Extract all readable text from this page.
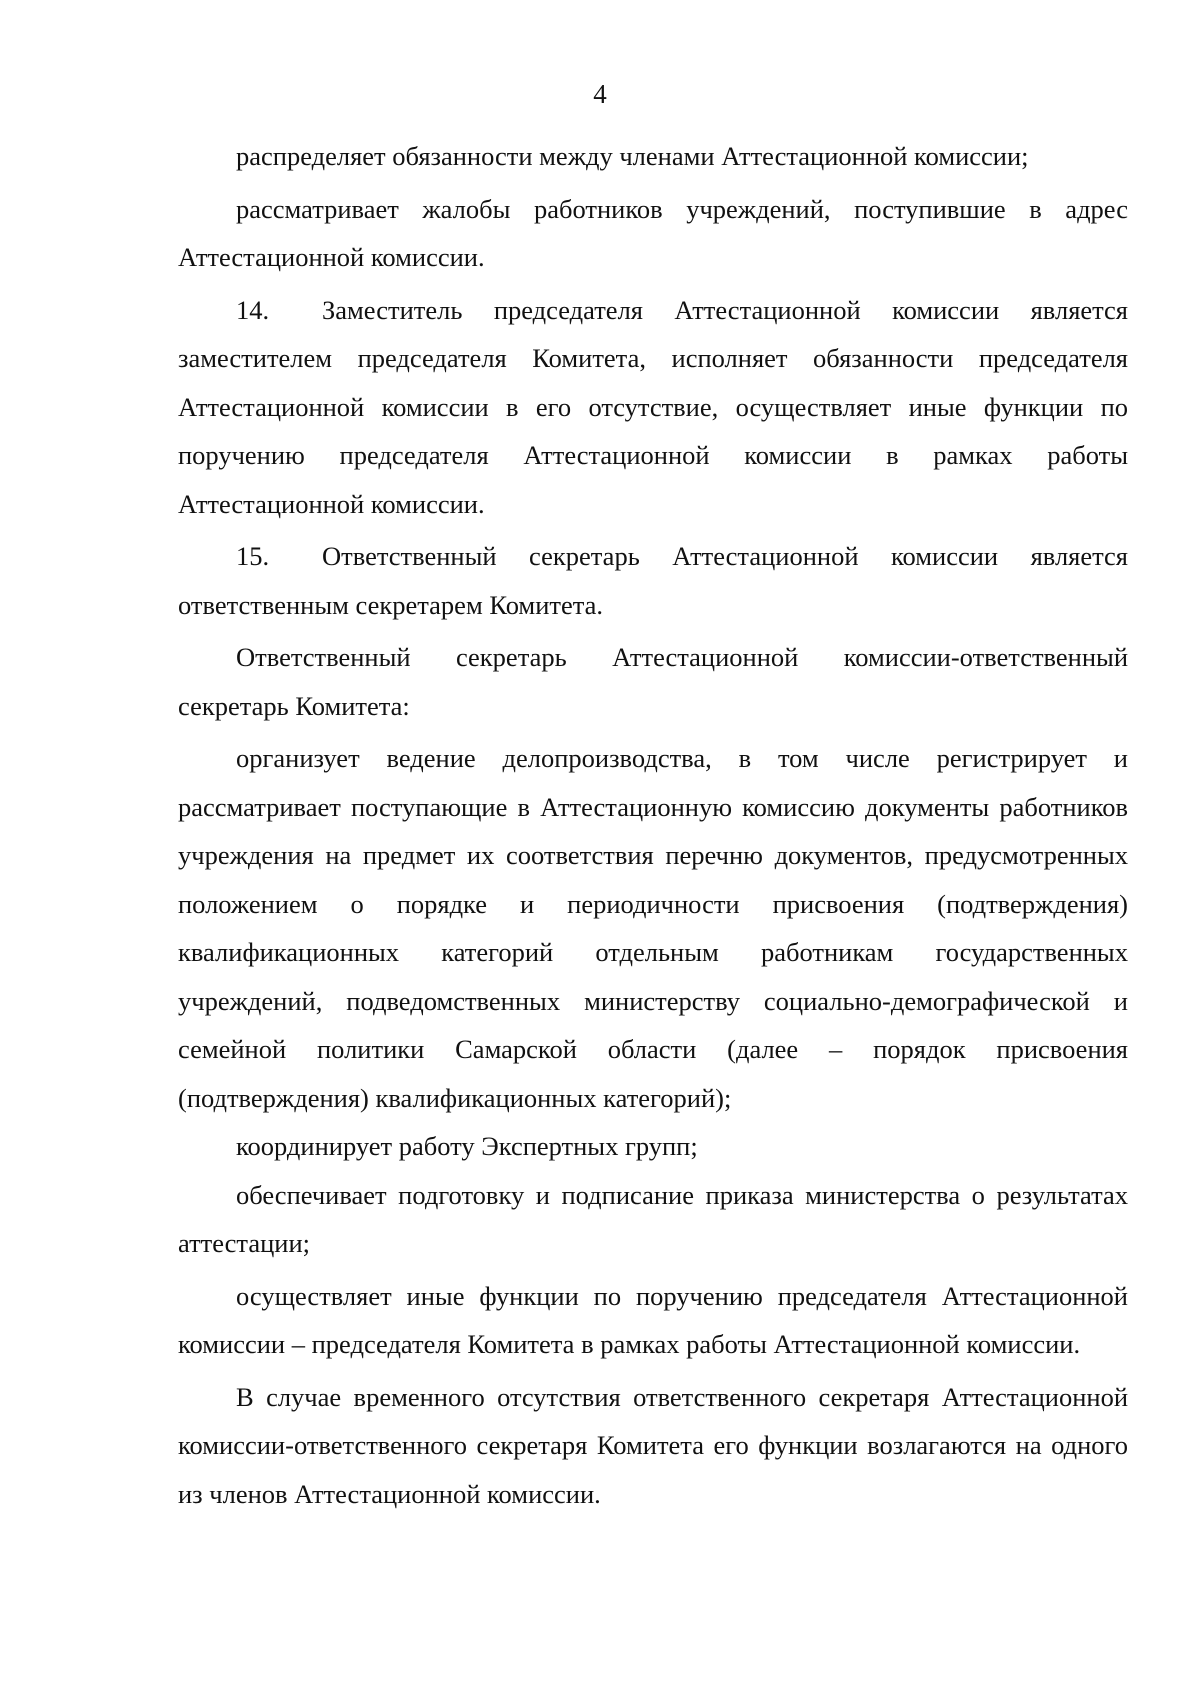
4

распределяет обязанности между членами Аттестационной комиссии;

рассматривает жалобы работников учреждений, поступившие в адрес Аттестационной комиссии.

14. Заместитель председателя Аттестационной комиссии является заместителем председателя Комитета, исполняет обязанности председателя Аттестационной комиссии в его отсутствие, осуществляет иные функции по поручению председателя Аттестационной комиссии в рамках работы Аттестационной комиссии.

15. Ответственный секретарь Аттестационной комиссии является ответственным секретарем Комитета.

Ответственный секретарь Аттестационной комиссии-ответственный секретарь Комитета:

организует ведение делопроизводства, в том числе регистрирует и рассматривает поступающие в Аттестационную комиссию документы работников учреждения на предмет их соответствия перечню документов, предусмотренных положением о порядке и периодичности присвоения (подтверждения) квалификационных категорий отдельным работникам государственных учреждений, подведомственных министерству социально-демографической и семейной политики Самарской области (далее – порядок присвоения (подтверждения) квалификационных категорий);

координирует работу Экспертных групп;

обеспечивает подготовку и подписание приказа министерства о результатах аттестации;

осуществляет иные функции по поручению председателя Аттестационной комиссии – председателя Комитета в рамках работы Аттестационной комиссии.

В случае временного отсутствия ответственного секретаря Аттестационной комиссии-ответственного секретаря Комитета его функции возлагаются на одного из членов Аттестационной комиссии.
